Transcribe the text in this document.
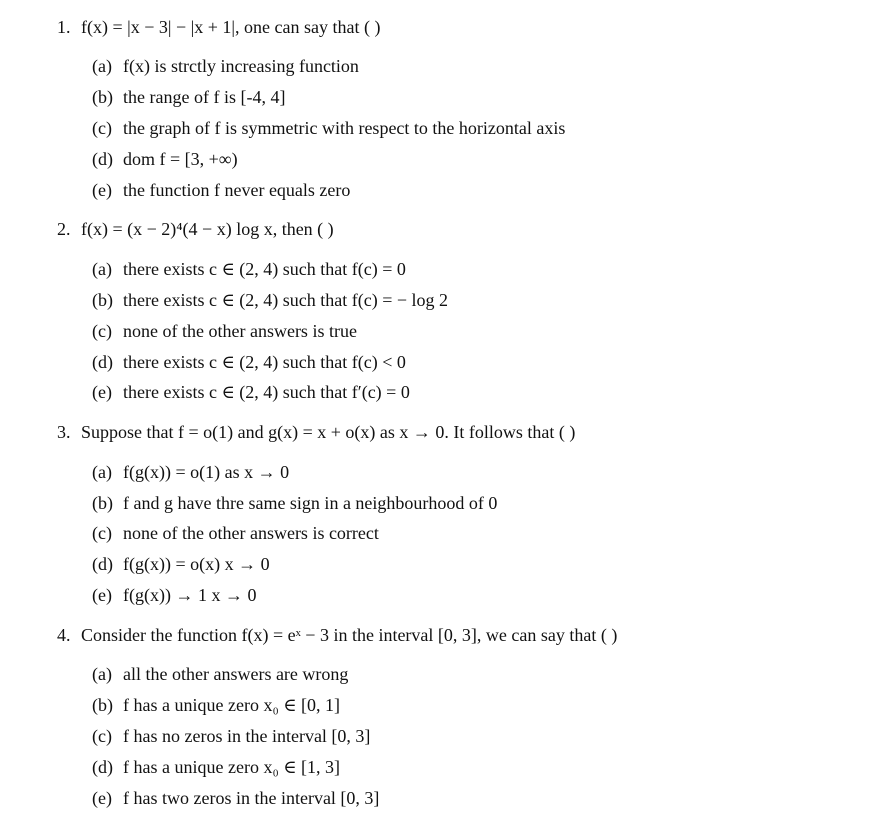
1. f(x) = |x − 3| − |x + 1|, one can say that ( )
(a) f(x) is strctly increasing function
(b) the range of f is [-4, 4]
(c) the graph of f is symmetric with respect to the horizontal axis
(d) dom f = [3, +∞)
(e) the function f never equals zero
2. f(x) = (x − 2)⁴(4 − x) log x, then ( )
(a) there exists c ∈ (2, 4) such that f(c) = 0
(b) there exists c ∈ (2, 4) such that f(c) = − log 2
(c) none of the other answers is true
(d) there exists c ∈ (2, 4) such that f(c) < 0
(e) there exists c ∈ (2, 4) such that f′(c) = 0
3. Suppose that f = o(1) and g(x) = x + o(x) as x → 0. It follows that ( )
(a) f(g(x)) = o(1) as x → 0
(b) f and g have thre same sign in a neighbourhood of 0
(c) none of the other answers is correct
(d) f(g(x)) = o(x) x → 0
(e) f(g(x)) → 1 x → 0
4. Consider the function f(x) = eˣ − 3 in the interval [0, 3], we can say that ( )
(a) all the other answers are wrong
(b) f has a unique zero x₀ ∈ [0, 1]
(c) f has no zeros in the interval [0, 3]
(d) f has a unique zero x₀ ∈ [1, 3]
(e) f has two zeros in the interval [0, 3]
